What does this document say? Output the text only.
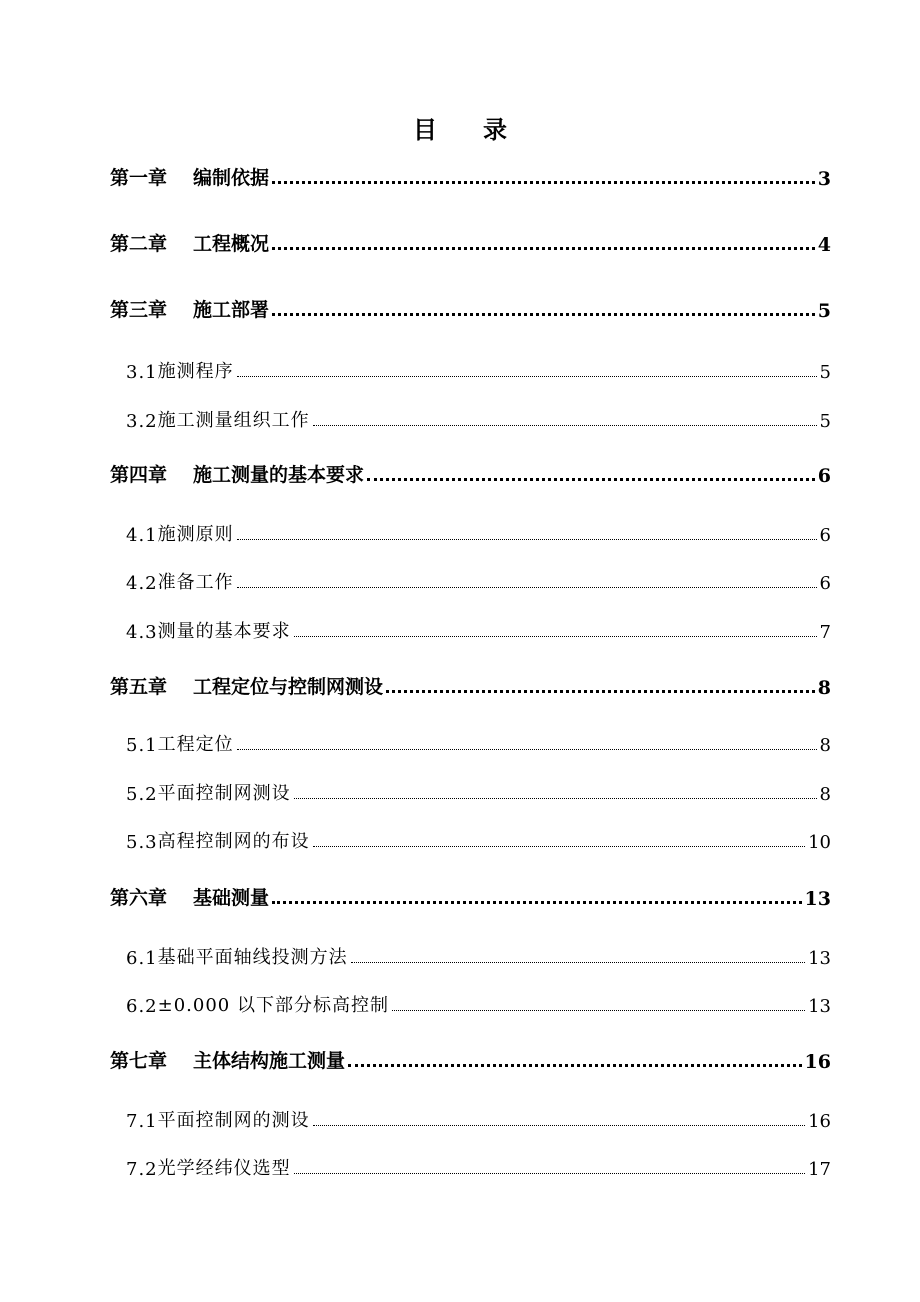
目 录
第一章 编制依据	3
第二章 工程概况	4
第三章 施工部署	5
3.1 施测程序	5
3.2 施工测量组织工作	5
第四章 施工测量的基本要求	6
4.1 施测原则	6
4.2 准备工作	6
4.3 测量的基本要求	7
第五章 工程定位与控制网测设	8
5.1 工程定位	8
5.2 平面控制网测设	8
5.3 高程控制网的布设	10
第六章 基础测量	13
6.1 基础平面轴线投测方法	13
6.2 ±0.000 以下部分标高控制	13
第七章 主体结构施工测量	16
7.1 平面控制网的测设	16
7.2 光学经纬仪选型	17
